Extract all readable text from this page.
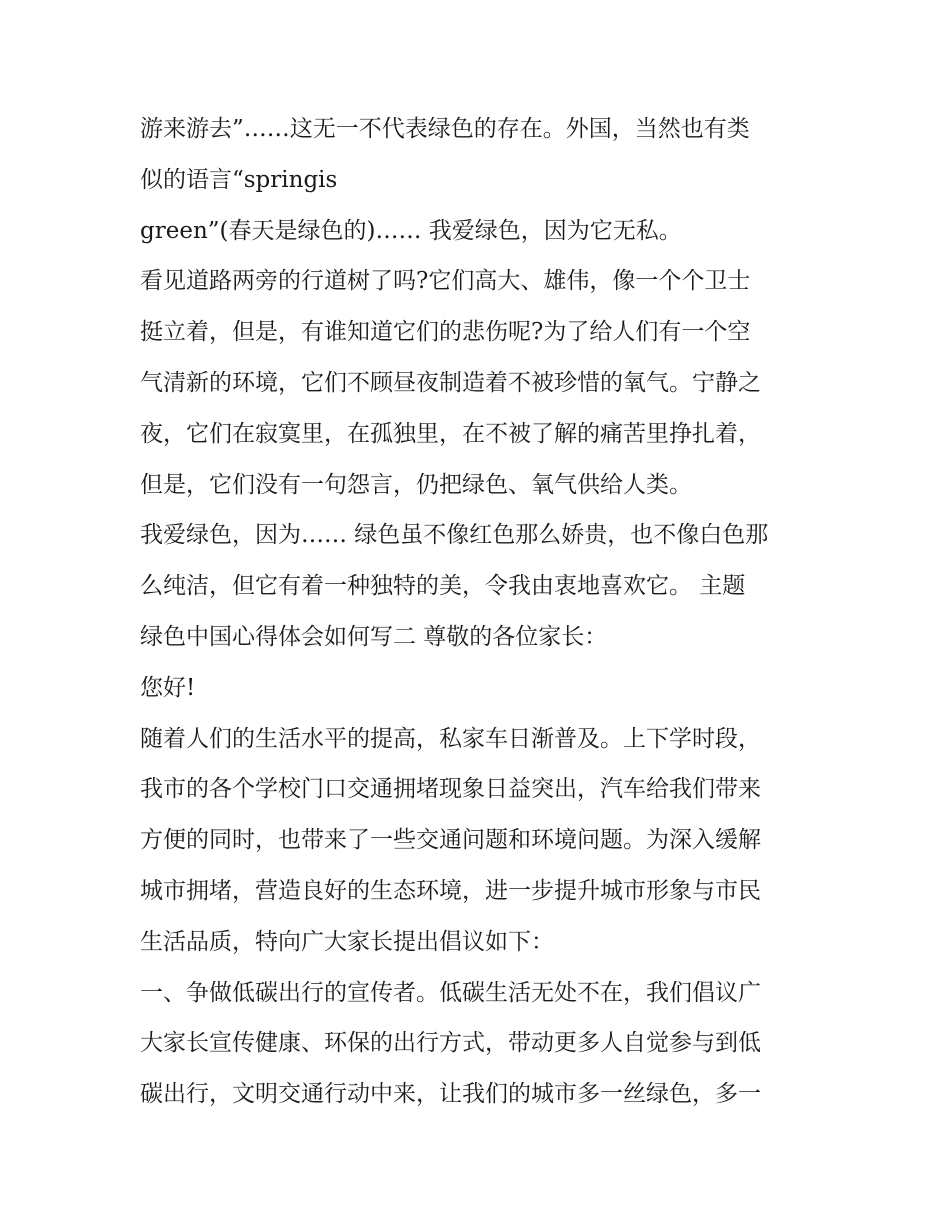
游来游去”……这无一不代表绿色的存在。外国，当然也有类
似的语言“springis
green”(春天是绿色的)…… 我爱绿色，因为它无私。
看见道路两旁的行道树了吗?它们高大、雄伟，像一个个卫士
挺立着，但是，有谁知道它们的悲伤呢?为了给人们有一个空
气清新的环境，它们不顾昼夜制造着不被珍惜的氧气。宁静之
夜，它们在寂寞里，在孤独里，在不被了解的痛苦里挣扎着，
但是，它们没有一句怨言，仍把绿色、氧气供给人类。
我爱绿色，因为…… 绿色虽不像红色那么娇贵，也不像白色那
么纯洁，但它有着一种独特的美，令我由衷地喜欢它。 主题
绿色中国心得体会如何写二 尊敬的各位家长：
您好!
随着人们的生活水平的提高，私家车日渐普及。上下学时段，
我市的各个学校门口交通拥堵现象日益突出，汽车给我们带来
方便的同时，也带来了一些交通问题和环境问题。为深入缓解
城市拥堵，营造良好的生态环境，进一步提升城市形象与市民
生活品质，特向广大家长提出倡议如下：
一、争做低碳出行的宣传者。低碳生活无处不在，我们倡议广
大家长宣传健康、环保的出行方式，带动更多人自觉参与到低
碳出行，文明交通行动中来，让我们的城市多一丝绿色，多一
